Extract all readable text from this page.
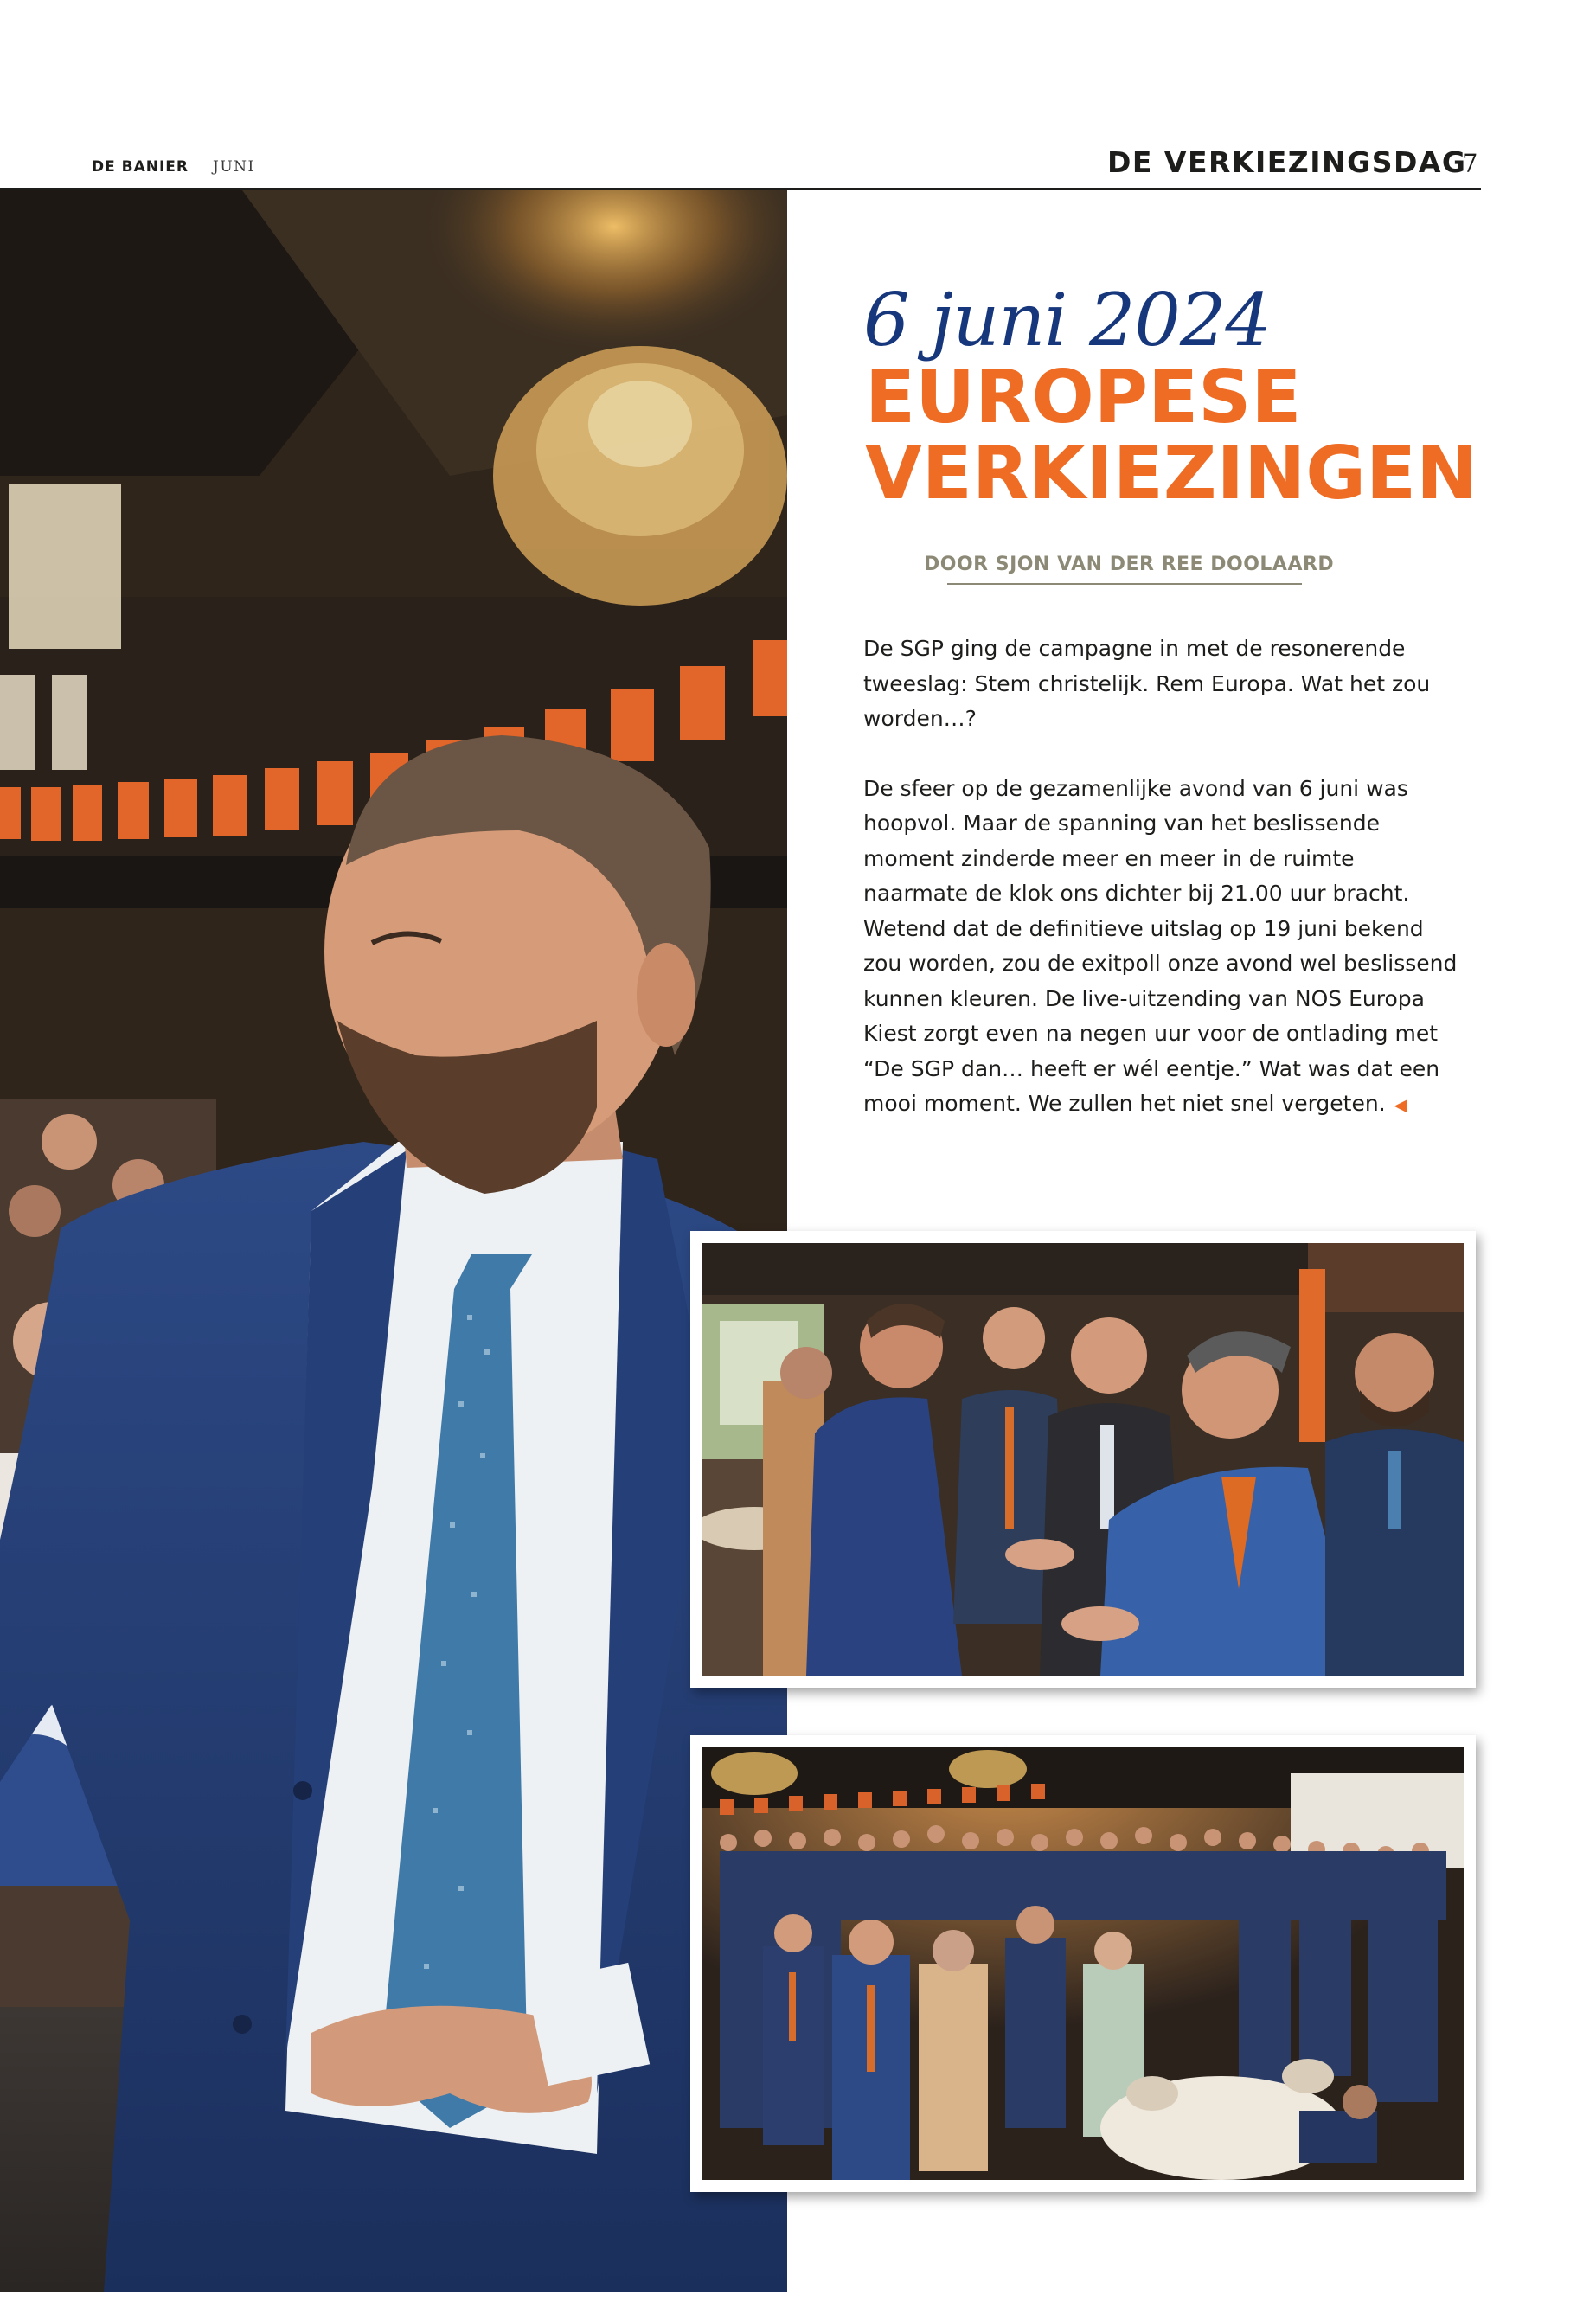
DE BANIER JUNI	DE VERKIEZINGSDAG
7
6 juni 2024
EUROPESE
VERKIEZINGEN
DOOR SJON VAN DER REE DOOLAARD

De SGP ging de campagne in met de resonerende tweeslag: Stem christelijk. Rem Europa. Wat het zou worden…?

De sfeer op de gezamenlijke avond van 6 juni was hoopvol. Maar de spanning van het beslissende moment zinderde meer en meer in de ruimte naarmate de klok ons dichter bij 21.00 uur bracht. Wetend dat de definitieve uitslag op 19 juni bekend zou worden, zou de exitpoll onze avond wel beslissend kunnen kleuren. De live-uitzending van NOS Europa Kiest zorgt even na negen uur voor de ontlading met “De SGP dan… heeft er wél eentje.” Wat was dat een mooi moment. We zullen het niet snel vergeten. ◀
